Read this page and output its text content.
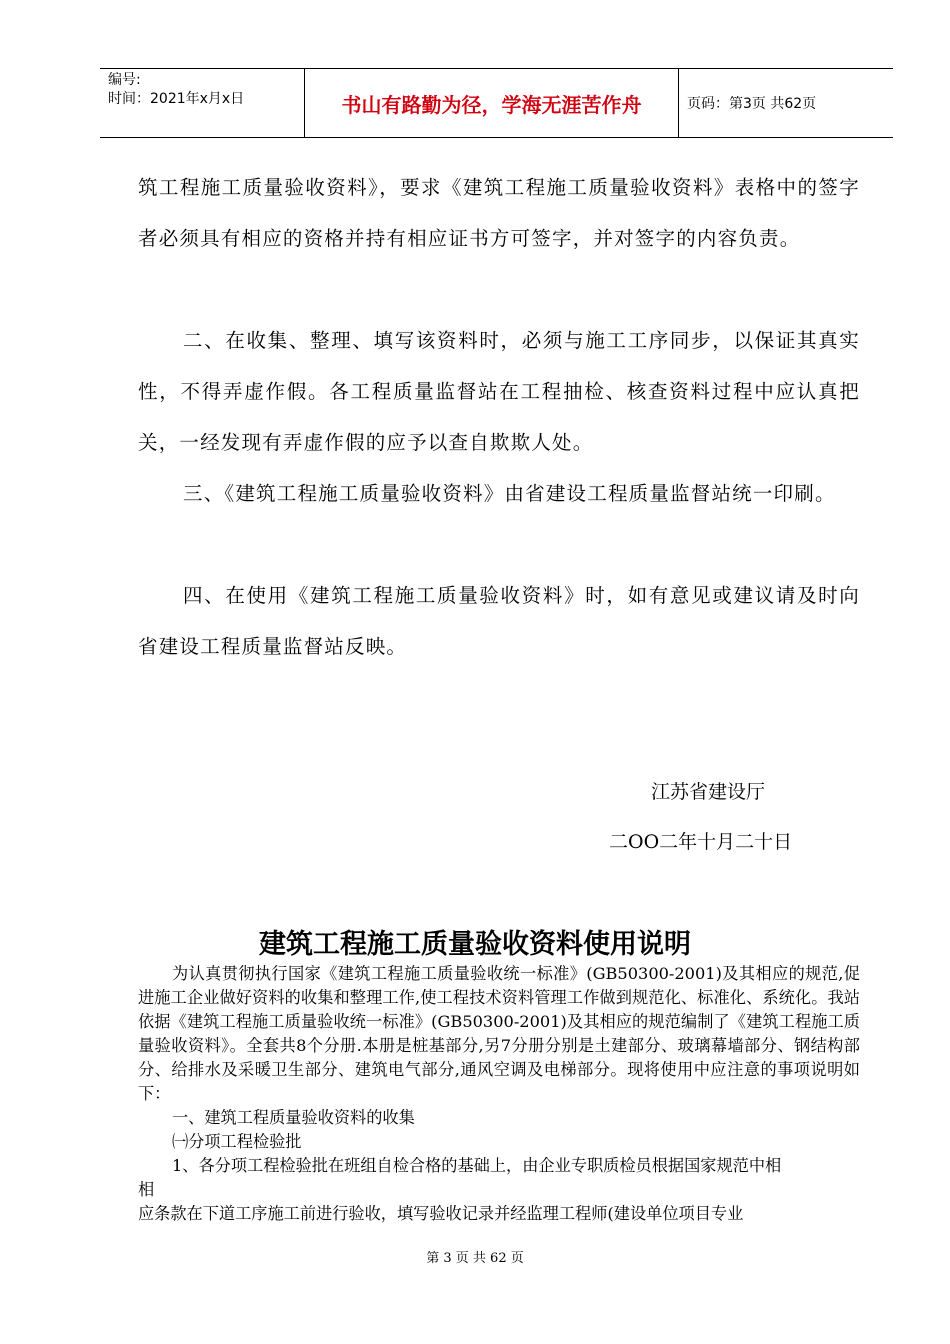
编号:
时间：2021年x月x日	书山有路勤为径，学海无涯苦作舟	页码：第3页 共62页

筑工程施工质量验收资料》，要求《建筑工程施工质量验收资料》表格中的签字者必须具有相应的资格并持有相应证书方可签字，并对签字的内容负责。

二、在收集、整理、填写该资料时，必须与施工工序同步，以保证其真实性，不得弄虚作假。各工程质量监督站在工程抽检、核查资料过程中应认真把关，一经发现有弄虚作假的应予以查自欺欺人处。

三、《建筑工程施工质量验收资料》由省建设工程质量监督站统一印刷。

四、在使用《建筑工程施工质量验收资料》时，如有意见或建议请及时向省建设工程质量监督站反映。

江苏省建设厅
二OO二年十月二十日
建筑工程施工质量验收资料使用说明

为认真贯彻执行国家《建筑工程施工质量验收统一标准》(GB50300-2001)及其相应的规范,促进施工企业做好资料的收集和整理工作,使工程技术资料管理工作做到规范化、标准化、系统化。我站依据《建筑工程施工质量验收统一标准》(GB50300-2001)及其相应的规范编制了《建筑工程施工质量验收资料》。全套共8个分册.本册是桩基部分,另7分册分别是土建部分、玻璃幕墙部分、钢结构部分、给排水及采暖卫生部分、建筑电气部分,通风空调及电梯部分。现将使用中应注意的事项说明如下：

一、建筑工程质量验收资料的收集

㈠分项工程检验批

1、各分项工程检验批在班组自检合格的基础上，由企业专职质检员根据国家规范中相

相

应条款在下道工序施工前进行验收，填写验收记录并经监理工程师(建设单位项目专业

第 3 页 共 62 页
